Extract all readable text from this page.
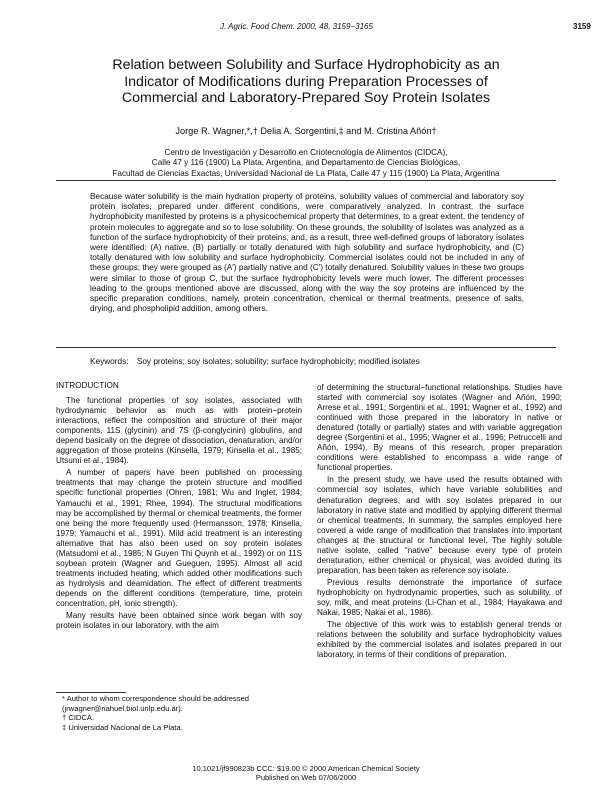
J. Agric. Food Chem. 2000, 48, 3159−3165	3159
Relation between Solubility and Surface Hydrophobicity as an
Indicator of Modifications during Preparation Processes of
Commercial and Laboratory-Prepared Soy Protein Isolates
Jorge R. Wagner,*,† Delia A. Sorgentini,‡ and M. Cristina Añón†
Centro de Investigación y Desarrollo en Criotecnología de Alimentos (CIDCA),
Calle 47 y 116 (1900) La Plata, Argentina, and Departamento de Ciencias Biológicas,
Facultad de Ciencias Exactas, Universidad Nacional de La Plata, Calle 47 y 115 (1900) La Plata, Argentina

Because water solubility is the main hydration property of proteins, solubility values of commercial and laboratory soy protein isolates, prepared under different conditions, were comparatively analyzed. In contrast, the surface hydrophobicity manifested by proteins is a physicochemical property that determines, to a great extent, the tendency of protein molecules to aggregate and so to lose solubility. On these grounds, the solubility of isolates was analyzed as a function of the surface hydrophobicity of their proteins, and, as a result, three well-defined groups of laboratory isolates were identified: (A) native, (B) partially or totally denatured with high solubility and surface hydrophobicity, and (C) totally denatured with low solubility and surface hydrophobicity. Commercial isolates could not be included in any of these groups; they were grouped as (A′) partially native and (C′) totally denatured. Solubility values in these two groups were similar to those of group C, but the surface hydrophobicity levels were much lower. The different processes leading to the groups mentioned above are discussed, along with the way the soy proteins are influenced by the specific preparation conditions, namely, protein concentration, chemical or thermal treatments, presence of salts, drying, and phospholipid addition, among others.

Keywords: Soy proteins; soy isolates; solubility; surface hydrophobicity; modified isolates
INTRODUCTION

The functional properties of soy isolates, associated with hydrodynamic behavior as much as with protein−protein interactions, reflect the composition and structure of their major components, 11S (glycinin) and 7S (β-conglycinin) globulins, and depend basically on the degree of dissociation, denaturation, and/or aggregation of those proteins (Kinsella, 1979; Kinsella et al., 1985; Utsumi et al., 1984).

A number of papers have been published on processing treatments that may change the protein structure and modified specific functional properties (Ohren, 1981; Wu and Inglet, 1984; Yamauchi et al., 1991; Rhee, 1994). The structural modifications may be accomplished by thermal or chemical treatments, the former one being the more frequently used (Hermansson, 1978; Kinsella, 1979; Yamauchi et al., 1991). Mild acid treatment is an interesting alternative that has also been used on soy protein isolates (Matsudomi et al., 1985; N Guyen Thi Quynh et al., 1992) or on 11S soybean protein (Wagner and Gueguen, 1995). Almost all acid treatments included heating, which added other modifications such as hydrolysis and deamidation. The effect of different treatments depends on the different conditions (temperature, time, protein concentration, pH, ionic strength).

Many results have been obtained since work began with soy protein isolates in our laboratory, with the aim

of determining the structural−functional relationships. Studies have started with commercial soy isolates (Wagner and Añón, 1990; Arrese et al., 1991; Sorgentini et al., 1991; Wagner et al., 1992) and continued with those prepared in the laboratory in native or denatured (totally or partially) states and with variable aggregation degree (Sorgentini et al., 1995; Wagner et al., 1996; Petruccelli and Añón, 1994). By means of this research, proper preparation conditions were established to encompass a wide range of functional properties.

In the present study, we have used the results obtained with commercial soy isolates, which have variable solubilities and denaturation degrees, and with soy isolates prepared in our laboratory in native state and modified by applying different thermal or chemical treatments. In summary, the samples employed here covered a wide range of modification that translates into important changes at the structural or functional level. The highly soluble native isolate, called “native” because every type of protein denaturation, either chemical or physical, was avoided during its preparation, has been taken as reference soy isolate.

Previous results demonstrate the importance of surface hydrophobicity on hydrodynamic properties, such as solubility, of soy, milk, and meat proteins (Li-Chan et al., 1984; Hayakawa and Nakai, 1985; Nakai et al., 1986).

The objective of this work was to establish general trends or relations between the solubility and surface hydrophobicity values exhibited by the commercial isolates and isolates prepared in our laboratory, in terms of their conditions of preparation.

* Author to whom correspondence should be addressed (jrwagner@nahuel.biol.unlp.edu.ar).

† CIDCA.

‡ Universidad Nacional de La Plata.

10.1021/jf990823b CCC: $19.00 © 2000 American Chemical Society
Published on Web 07/06/2000
